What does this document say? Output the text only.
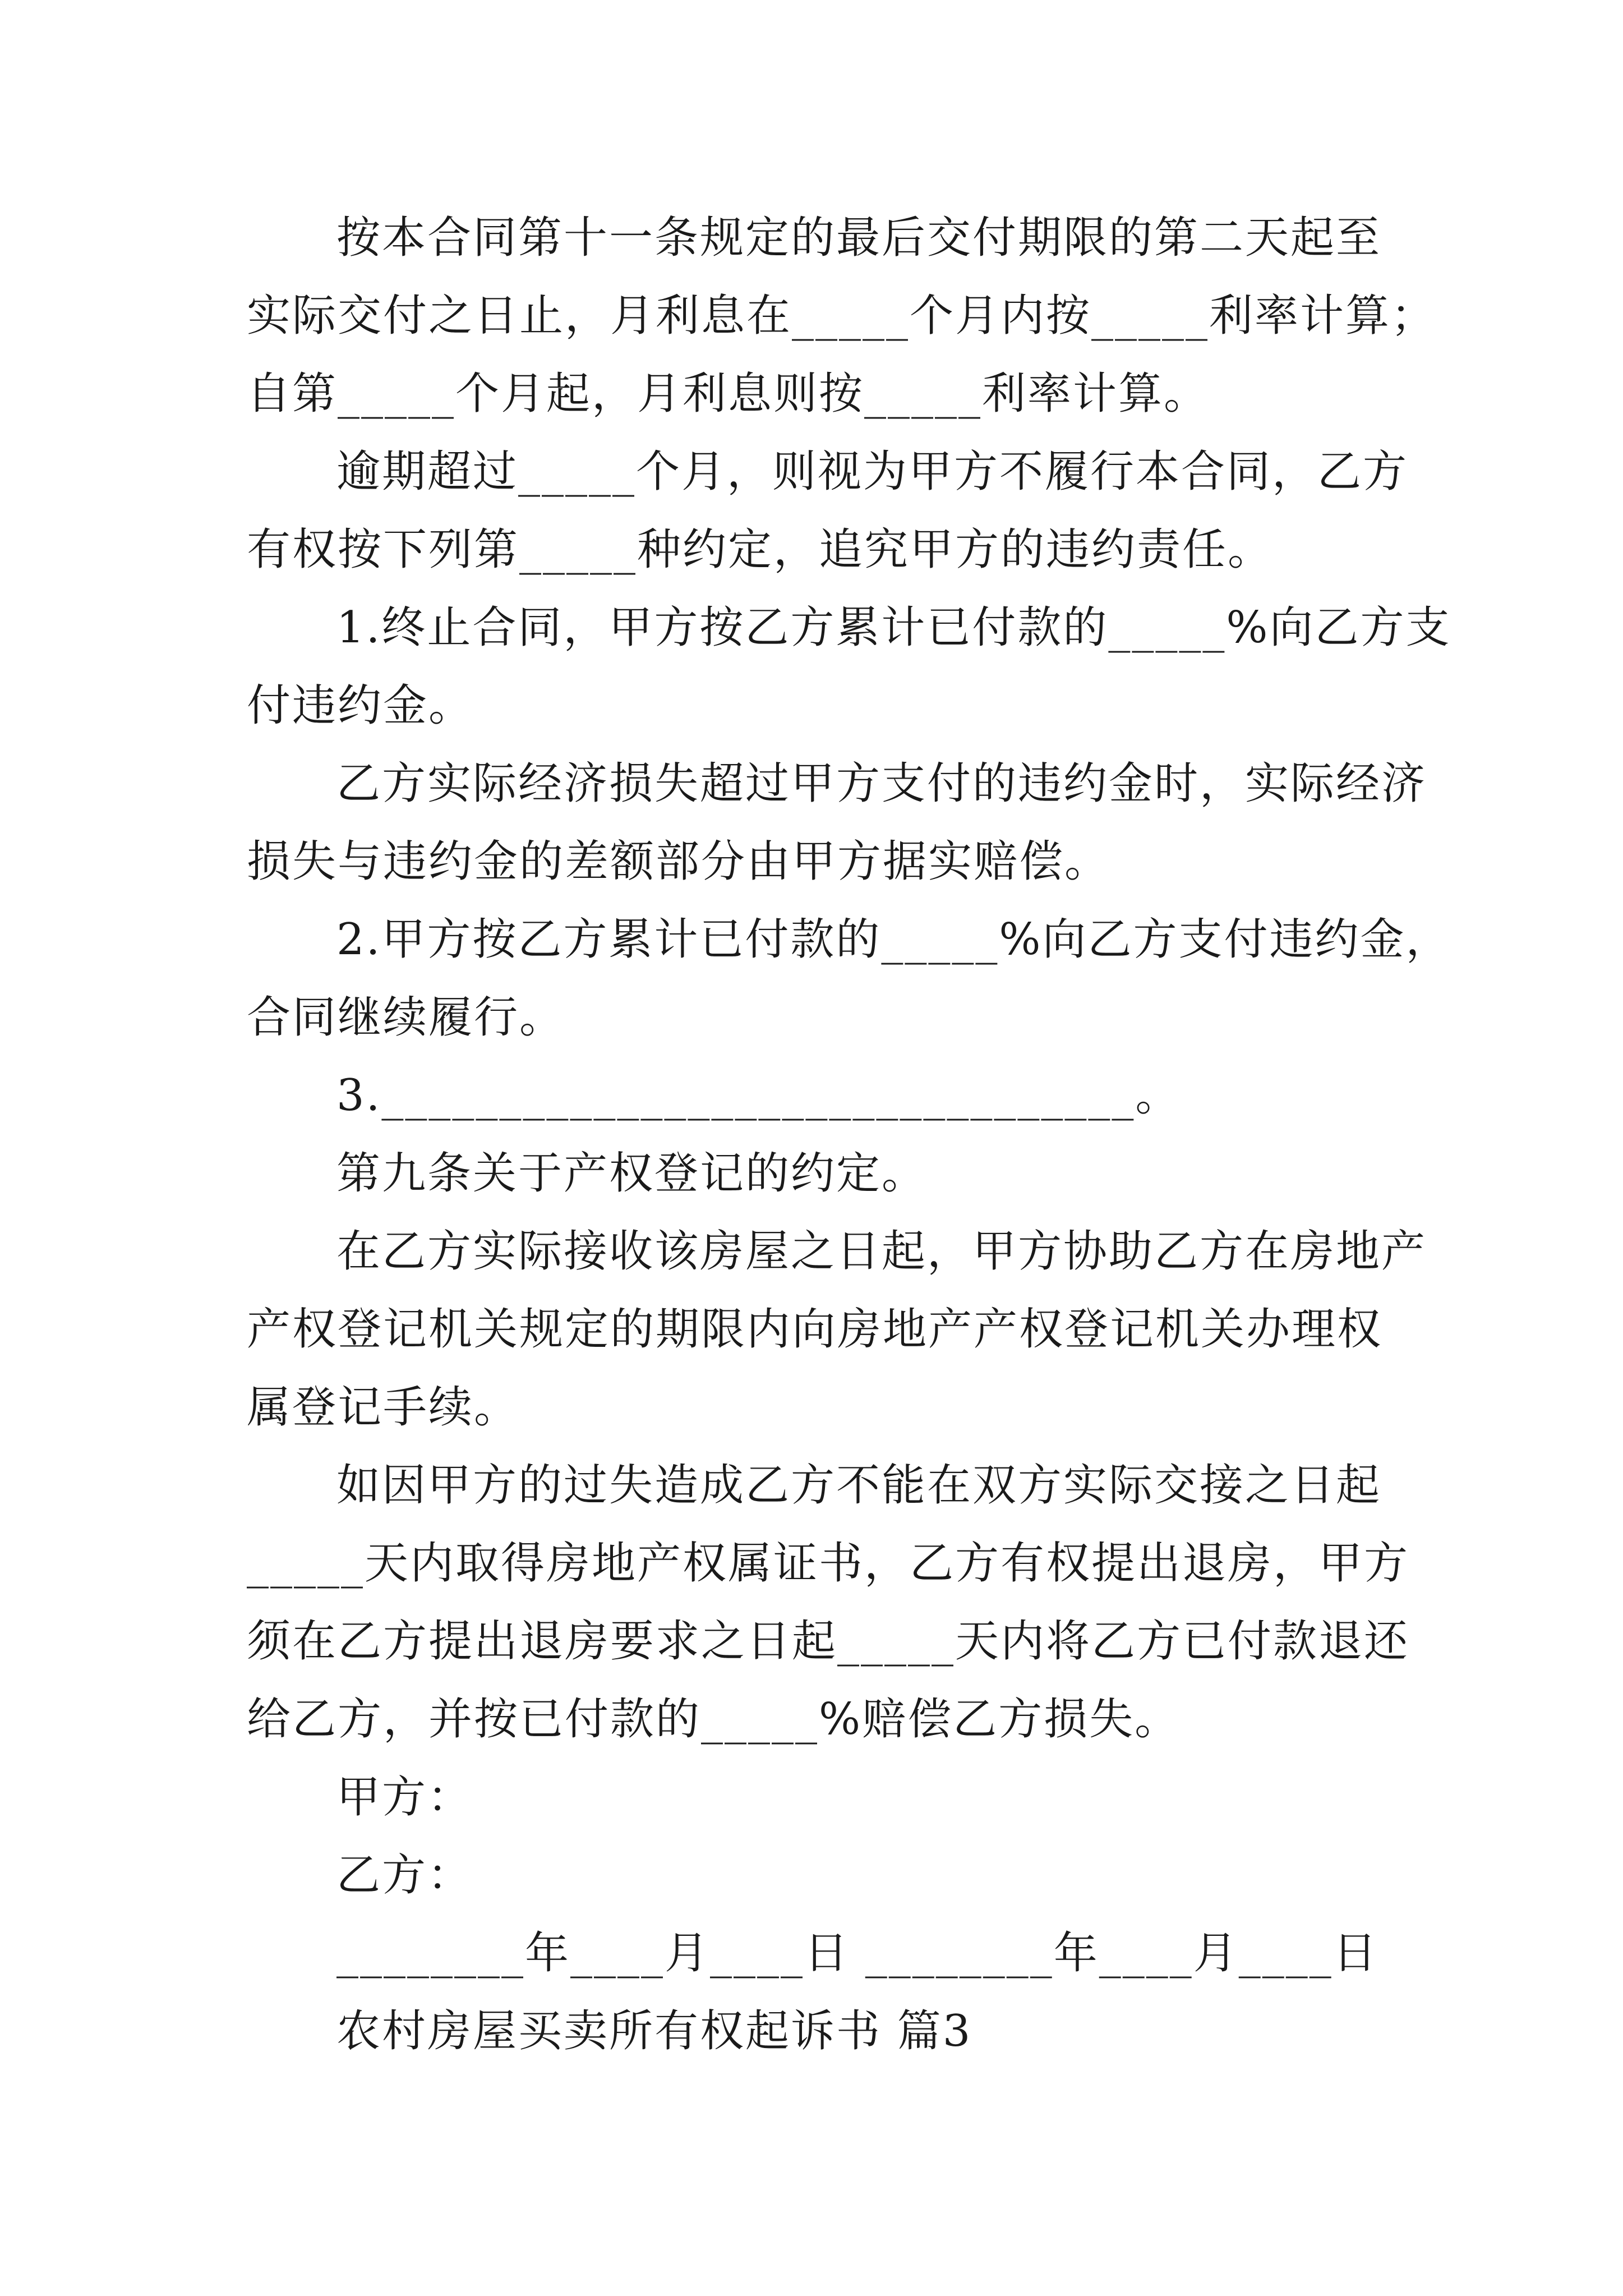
按本合同第十一条规定的最后交付期限的第二天起至
实际交付之日止，月利息在_____个月内按_____利率计算；
自第_____个月起，月利息则按_____利率计算。
逾期超过_____个月，则视为甲方不履行本合同，乙方
有权按下列第_____种约定，追究甲方的违约责任。
1.终止合同，甲方按乙方累计已付款的_____%向乙方支
付违约金。
乙方实际经济损失超过甲方支付的违约金时，实际经济
损失与违约金的差额部分由甲方据实赔偿。
2.甲方按乙方累计已付款的_____%向乙方支付违约金，
合同继续履行。
3.________________________________。
第九条关于产权登记的约定。
在乙方实际接收该房屋之日起，甲方协助乙方在房地产
产权登记机关规定的期限内向房地产产权登记机关办理权
属登记手续。
如因甲方的过失造成乙方不能在双方实际交接之日起
_____天内取得房地产权属证书，乙方有权提出退房，甲方
须在乙方提出退房要求之日起_____天内将乙方已付款退还
给乙方，并按已付款的_____%赔偿乙方损失。
甲方：
乙方：
________年____月____日 ________年____月____日
农村房屋买卖所有权起诉书 篇3
